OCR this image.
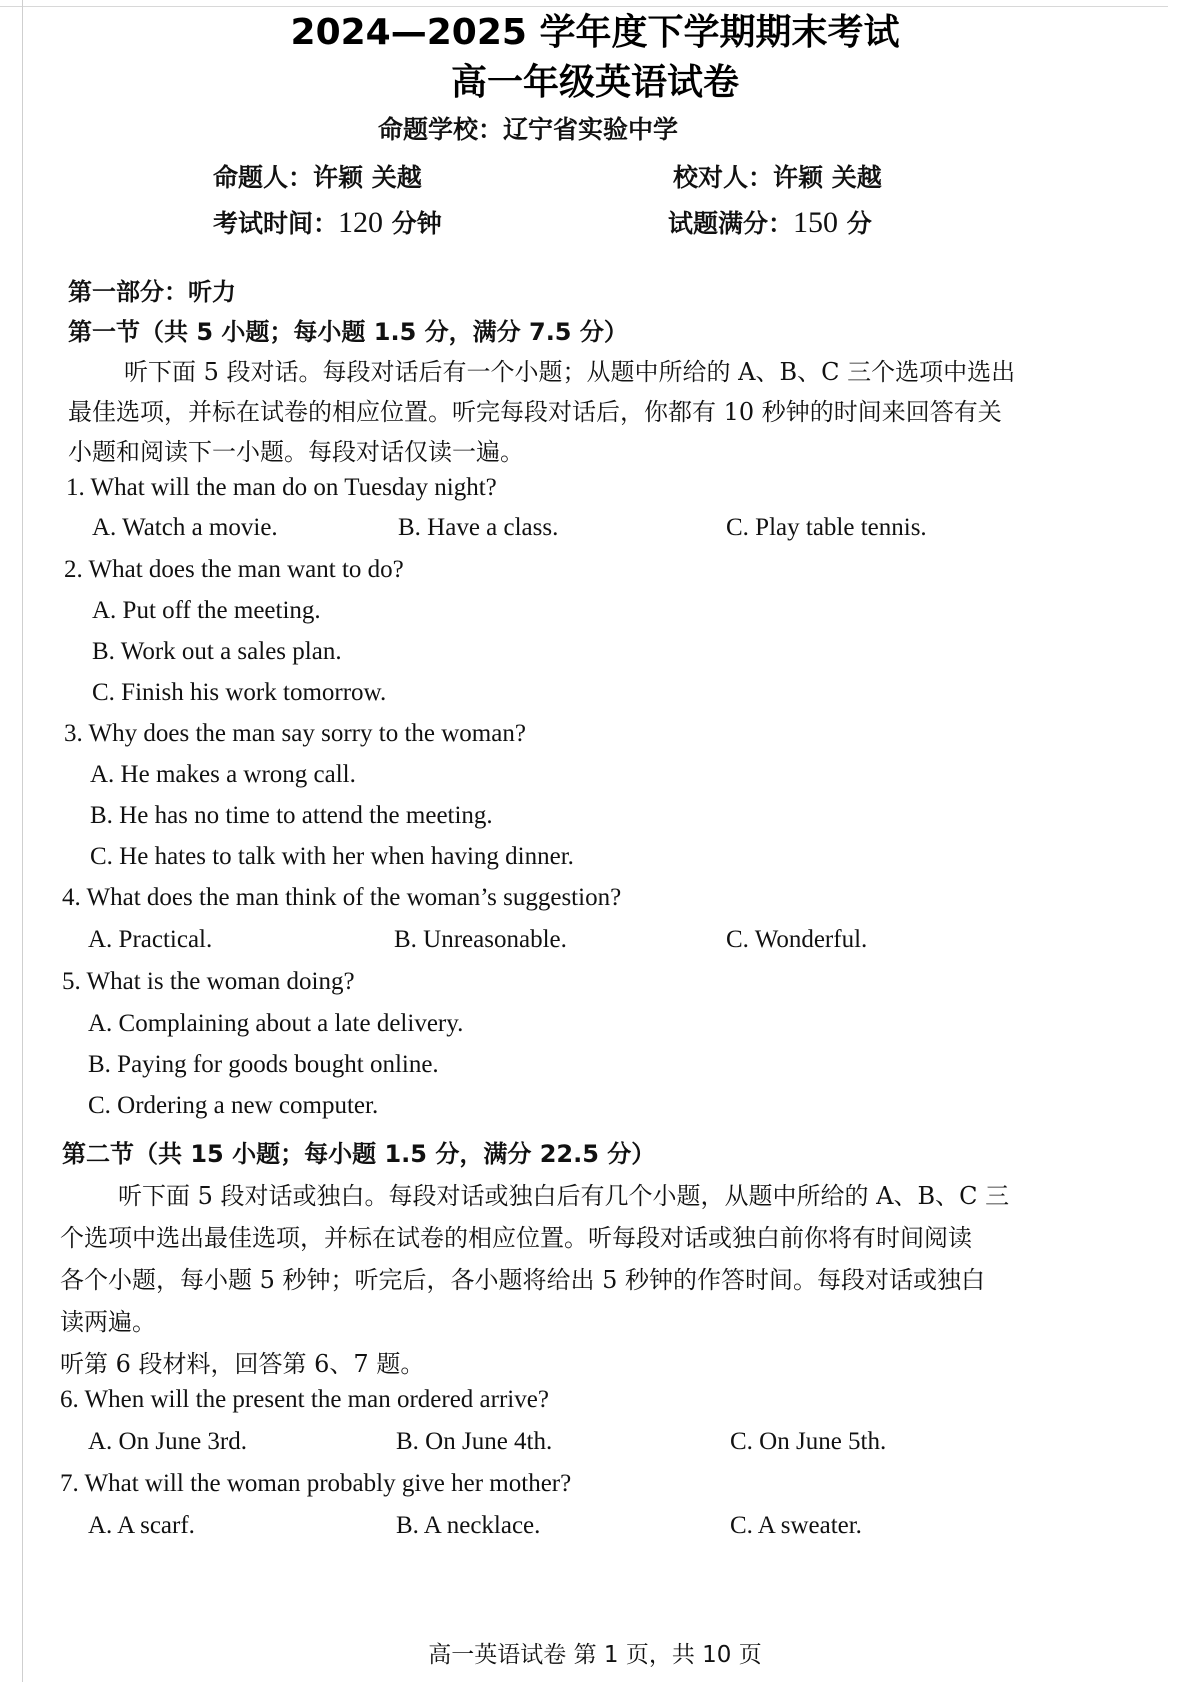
2024—2025 学年度下学期期末考试
高一年级英语试卷
命题学校：辽宁省实验中学
命题人：许颖 关越	校对人：许颖 关越
考试时间：120 分钟	试题满分：150 分
第一部分：听力
第一节（共 5 小题；每小题 1.5 分，满分 7.5 分）
听下面 5 段对话。每段对话后有一个小题；从题中所给的 A、B、C 三个选项中选出
最佳选项，并标在试卷的相应位置。听完每段对话后，你都有 10 秒钟的时间来回答有关
小题和阅读下一小题。每段对话仅读一遍。
1. What will the man do on Tuesday night?
A. Watch a movie.	B. Have a class.	C. Play table tennis.
2. What does the man want to do?
A. Put off the meeting.
B. Work out a sales plan.
C. Finish his work tomorrow.
3. Why does the man say sorry to the woman?
A. He makes a wrong call.
B. He has no time to attend the meeting.
C. He hates to talk with her when having dinner.
4. What does the man think of the woman’s suggestion?
A. Practical.	B. Unreasonable.	C. Wonderful.
5. What is the woman doing?
A. Complaining about a late delivery.
B. Paying for goods bought online.
C. Ordering a new computer.
第二节（共 15 小题；每小题 1.5 分，满分 22.5 分）
听下面 5 段对话或独白。每段对话或独白后有几个小题，从题中所给的 A、B、C 三
个选项中选出最佳选项，并标在试卷的相应位置。听每段对话或独白前你将有时间阅读
各个小题，每小题 5 秒钟；听完后，各小题将给出 5 秒钟的作答时间。每段对话或独白
读两遍。
听第 6 段材料，回答第 6、7 题。
6. When will the present the man ordered arrive?
A. On June 3rd.	B. On June 4th.	C. On June 5th.
7. What will the woman probably give her mother?
A. A scarf.	B. A necklace.	C. A sweater.
高一英语试卷 第 1 页，共 10 页
